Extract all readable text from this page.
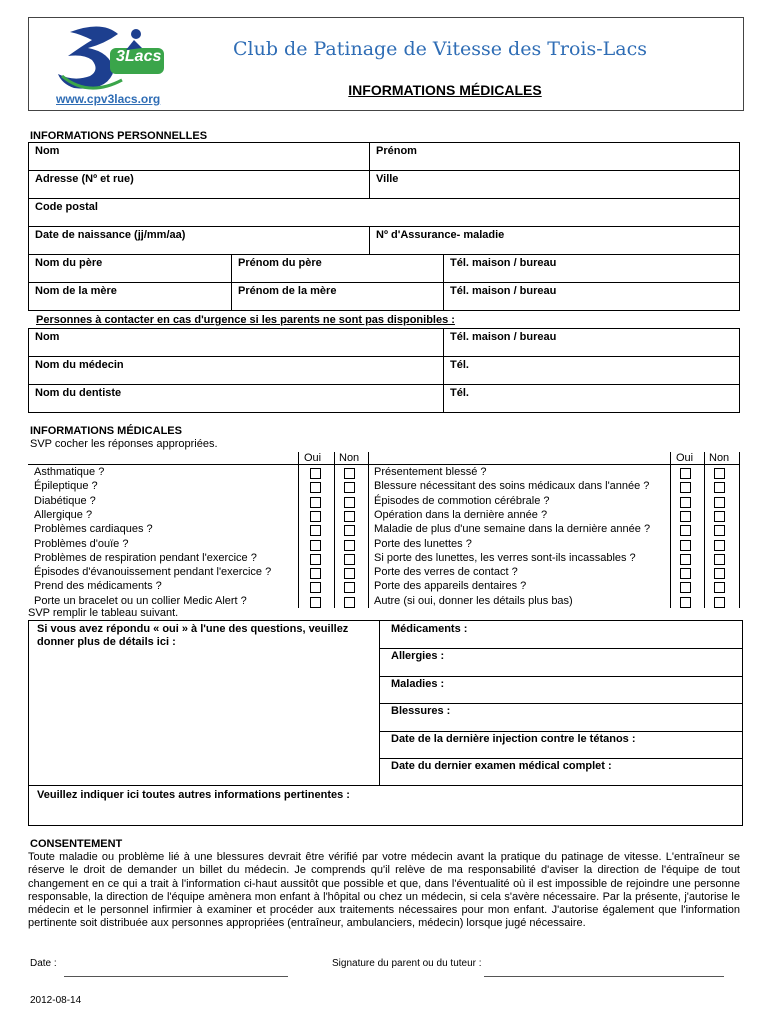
3Lacs
www.cpv3lacs.org
Club de Patinage de Vitesse des Trois-Lacs
INFORMATIONS MÉDICALES
INFORMATIONS PERSONNELLES
Nom	Prénom
Adresse (Nº et rue)	Ville
Code postal
Date de naissance (jj/mm/aa)	Nº d'Assurance- maladie
Nom du père	Prénom du père	Tél. maison / bureau
Nom de la mère	Prénom de la mère	Tél. maison / bureau
Personnes à contacter en cas d'urgence si les parents ne sont pas disponibles :
Nom	Tél. maison / bureau
Nom du médecin	Tél.
Nom du dentiste	Tél.
INFORMATIONS MÉDICALES
SVP cocher les réponses appropriées.
Oui Non	Oui Non
Asthmatique ?	Présentement blessé ?
Épileptique ?	Blessure nécessitant des soins médicaux dans l'année ?
Diabétique ?	Épisodes de commotion cérébrale ?
Allergique ?	Opération dans la dernière année ?
Problèmes cardiaques ?	Maladie de plus d'une semaine dans la dernière année ?
Problèmes d'ouïe ?	Porte des lunettes ?
Problèmes de respiration pendant l'exercice ?	Si porte des lunettes, les verres sont-ils incassables ?
Épisodes d'évanouissement pendant l'exercice ?	Porte des verres de contact ?
Prend des médicaments ?	Porte des appareils dentaires ?
Porte un bracelet ou un collier Medic Alert ?	Autre (si oui, donner les détails plus bas)
SVP remplir le tableau suivant.
Si vous avez répondu « oui » à l'une des questions, veuillez donner plus de détails ici :
Médicaments :
Allergies :
Maladies :
Blessures :
Date de la dernière injection contre le tétanos :
Date du dernier examen médical complet :
Veuillez indiquer ici toutes autres informations pertinentes :
CONSENTEMENT
Toute maladie ou problème lié à une blessures devrait être vérifié par votre médecin avant la pratique du patinage de vitesse. L'entraîneur se réserve le droit de demander un billet du médecin. Je comprends qu'il relève de ma responsabilité d'aviser la direction de l'équipe de tout changement en ce qui a trait à l'information ci-haut aussitôt que possible et que, dans l'éventualité où il est impossible de rejoindre une personne responsable, la direction de l'équipe amènera mon enfant à l'hôpital ou chez un médecin, si cela s'avère nécessaire. Par la présente, j'autorise le médecin et le personnel infirmier à examiner et procéder aux traitements nécessaires pour mon enfant. J'autorise également que l'information pertinente soit distribuée aux personnes appropriées (entraîneur, ambulanciers, médecin) lorsque jugé nécessaire.
Date :	Signature du parent ou du tuteur :
2012-08-14
